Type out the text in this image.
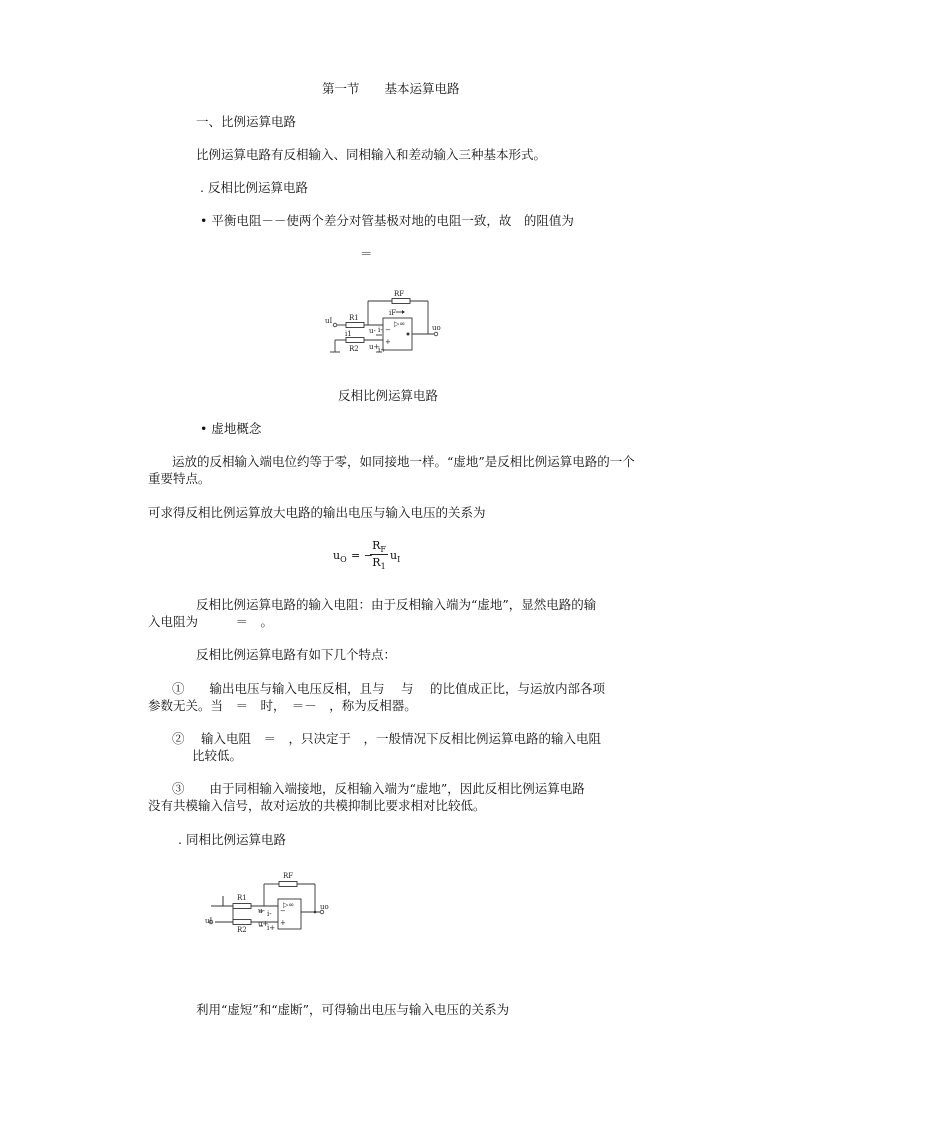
第一节　　基本运算电路
一、比例运算电路
比例运算电路有反相输入、同相输入和差动输入三种基本形式。
. 反相比例运算电路
• 平衡电阻－－使两个差分对管基极对地的电阻一致，故　的阻值为
＝
RF
iF
R1
i1
R2
uI
uo
u- i-
u+
i+
▷∞
−
+
反相比例运算电路
• 虚地概念
运放的反相输入端电位约等于零，如同接地一样。“虚地”是反相比例运算电路的一个重要特点。
可求得反相比例运算放大电路的输出电压与输入电压的关系为
$u_O$ = −
$R_F$
$R_1$
$u_I$
反相比例运算电路的输入电阻：由于反相输入端为“虚地”，显然电路的输
入电阻为　　　＝　。
反相比例运算电路有如下几个特点：
①　　输出电压与输入电压反相，且与　 与　 的比值成正比，与运放内部各项
参数无关。当　＝　时，　＝－　，称为反相器。
②　 输入电阻　＝　，只决定于　，一般情况下反相比例运算电路的输入电阻
比较低。
③　　由于同相输入端接地，反相输入端为“虚地”，因此反相比例运算电路
没有共模输入信号，故对运放的共模抑制比要求相对比较低。
. 同相比例运算电路
RF
R1
R2
uI
uo
u- i-
u+
i+
▷∞
−
+
利用“虚短”和“虚断”，可得输出电压与输入电压的关系为
